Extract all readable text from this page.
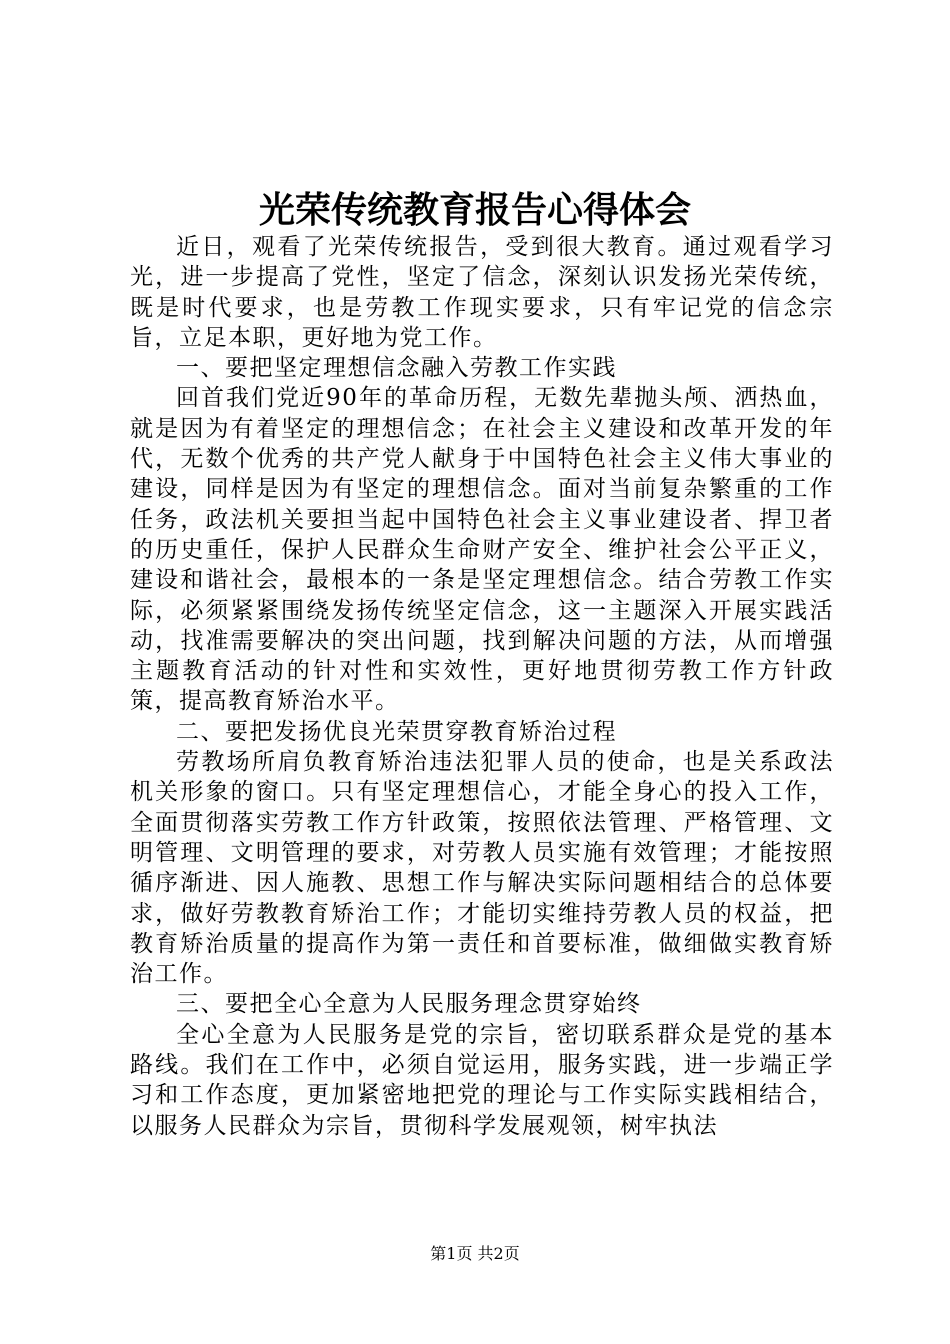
光荣传统教育报告心得体会

近日，观看了光荣传统报告，受到很大教育。通过观看学习光，进一步提高了党性，坚定了信念，深刻认识发扬光荣传统，既是时代要求，也是劳教工作现实要求，只有牢记党的信念宗旨，立足本职，更好地为党工作。

一、要把坚定理想信念融入劳教工作实践

回首我们党近90年的革命历程，无数先辈抛头颅、洒热血，就是因为有着坚定的理想信念；在社会主义建设和改革开发的年代，无数个优秀的共产党人献身于中国特色社会主义伟大事业的建设，同样是因为有坚定的理想信念。面对当前复杂繁重的工作任务，政法机关要担当起中国特色社会主义事业建设者、捍卫者的历史重任，保护人民群众生命财产安全、维护社会公平正义，建设和谐社会，最根本的一条是坚定理想信念。结合劳教工作实际，必须紧紧围绕发扬传统坚定信念，这一主题深入开展实践活动，找准需要解决的突出问题，找到解决问题的方法，从而增强主题教育活动的针对性和实效性，更好地贯彻劳教工作方针政策，提高教育矫治水平。

二、要把发扬优良光荣贯穿教育矫治过程

劳教场所肩负教育矫治违法犯罪人员的使命，也是关系政法机关形象的窗口。只有坚定理想信心，才能全身心的投入工作，全面贯彻落实劳教工作方针政策，按照依法管理、严格管理、文明管理、文明管理的要求，对劳教人员实施有效管理；才能按照循序渐进、因人施教、思想工作与解决实际问题相结合的总体要求，做好劳教教育矫治工作；才能切实维持劳教人员的权益，把教育矫治质量的提高作为第一责任和首要标准，做细做实教育矫治工作。

三、要把全心全意为人民服务理念贯穿始终

全心全意为人民服务是党的宗旨，密切联系群众是党的基本路线。我们在工作中，必须自觉运用，服务实践，进一步端正学习和工作态度，更加紧密地把党的理论与工作实际实践相结合，以服务人民群众为宗旨，贯彻科学发展观领，树牢执法

第1页 共2页
